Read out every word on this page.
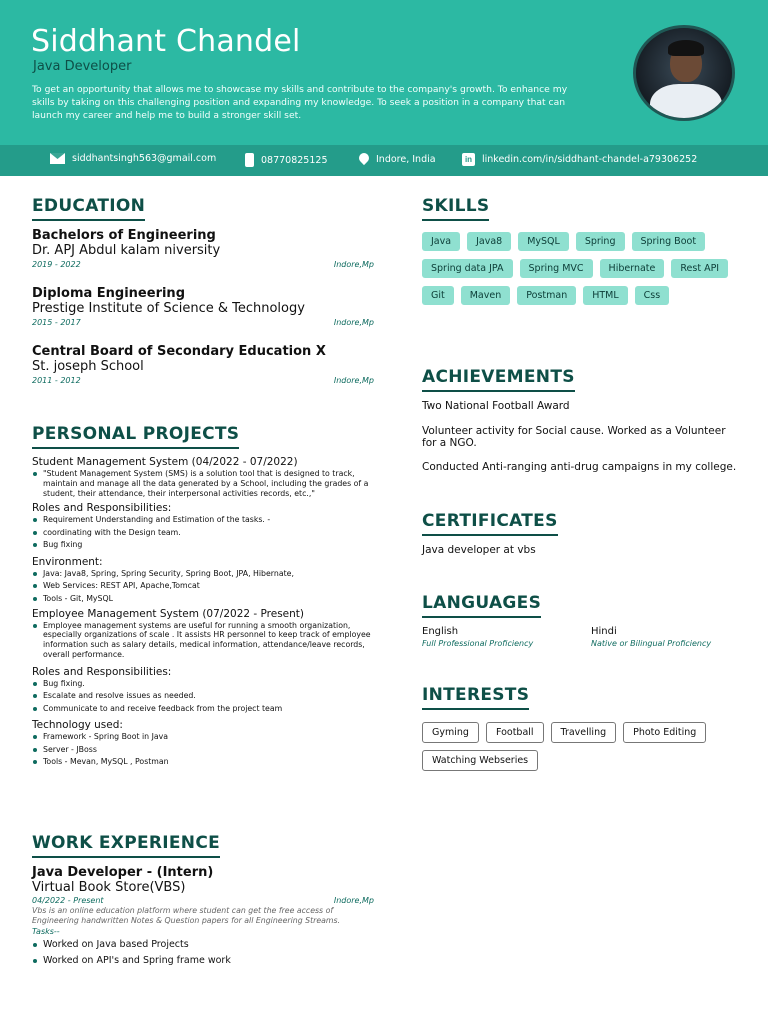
Siddhant Chandel
Java Developer
To get an opportunity that allows me to showcase my skills and contribute to the company's growth. To enhance my skills by taking on this challenging position and expanding my knowledge. To seek a position in a company that can launch my career and help me to build a stronger skill set.
siddhantsingh563@gmail.com	08770825125	Indore, India	in	linkedin.com/in/siddhant-chandel-a79306252
EDUCATION
Bachelors of Engineering
Dr. APJ Abdul kalam niversity
2019 - 2022	Indore,Mp
Diploma Engineering
Prestige Institute of Science & Technology
2015 - 2017	Indore,Mp
Central Board of Secondary Education X
St. joseph School
2011 - 2012	Indore,Mp
PERSONAL PROJECTS
Student Management System (04/2022 - 07/2022)
"Student Management System (SMS) is a solution tool that is designed to track, maintain and manage all the data generated by a School, including the grades of a student, their attendance, their interpersonal activities records, etc.,"
Roles and Responsibilities:
Requirement Understanding and Estimation of the tasks. -
coordinating with the Design team.
Bug fixing
Environment:
Java: Java8, Spring, Spring Security, Spring Boot, JPA, Hibernate,
Web Services: REST API, Apache,Tomcat
Tools - Git, MySQL
Employee Management System (07/2022 - Present)
Employee management systems are useful for running a smooth organization, especially organizations of scale . It assists HR personnel to keep track of employee information such as salary details, medical information, attendance/leave records, overall performance.
Roles and Responsibilities:
Bug fixing.
Escalate and resolve issues as needed.
Communicate to and receive feedback from the project team
Technology used:
Framework - Spring Boot in Java
Server - JBoss
Tools - Mevan, MySQL , Postman
WORK EXPERIENCE
Java Developer - (Intern)
Virtual Book Store(VBS)
04/2022 - Present	Indore,Mp
Vbs is an online education platform where student can get the free access of Engineering handwritten Notes & Question papers for all Engineering Streams.
Tasks--
Worked on Java based Projects
Worked on API's and Spring frame work
SKILLS
Java	Java8	MySQL	Spring	Spring Boot
Spring data JPA	Spring MVC	Hibernate	Rest API
Git	Maven	Postman	HTML	Css
ACHIEVEMENTS
Two National Football Award
Volunteer activity for Social cause. Worked as a Volunteer for a NGO.
Conducted Anti-ranging anti-drug campaigns in my college.
CERTIFICATES
Java developer at vbs
LANGUAGES
English
Full Professional Proficiency
Hindi
Native or Bilingual Proficiency
INTERESTS
Gyming	Football	Travelling	Photo Editing
Watching Webseries
